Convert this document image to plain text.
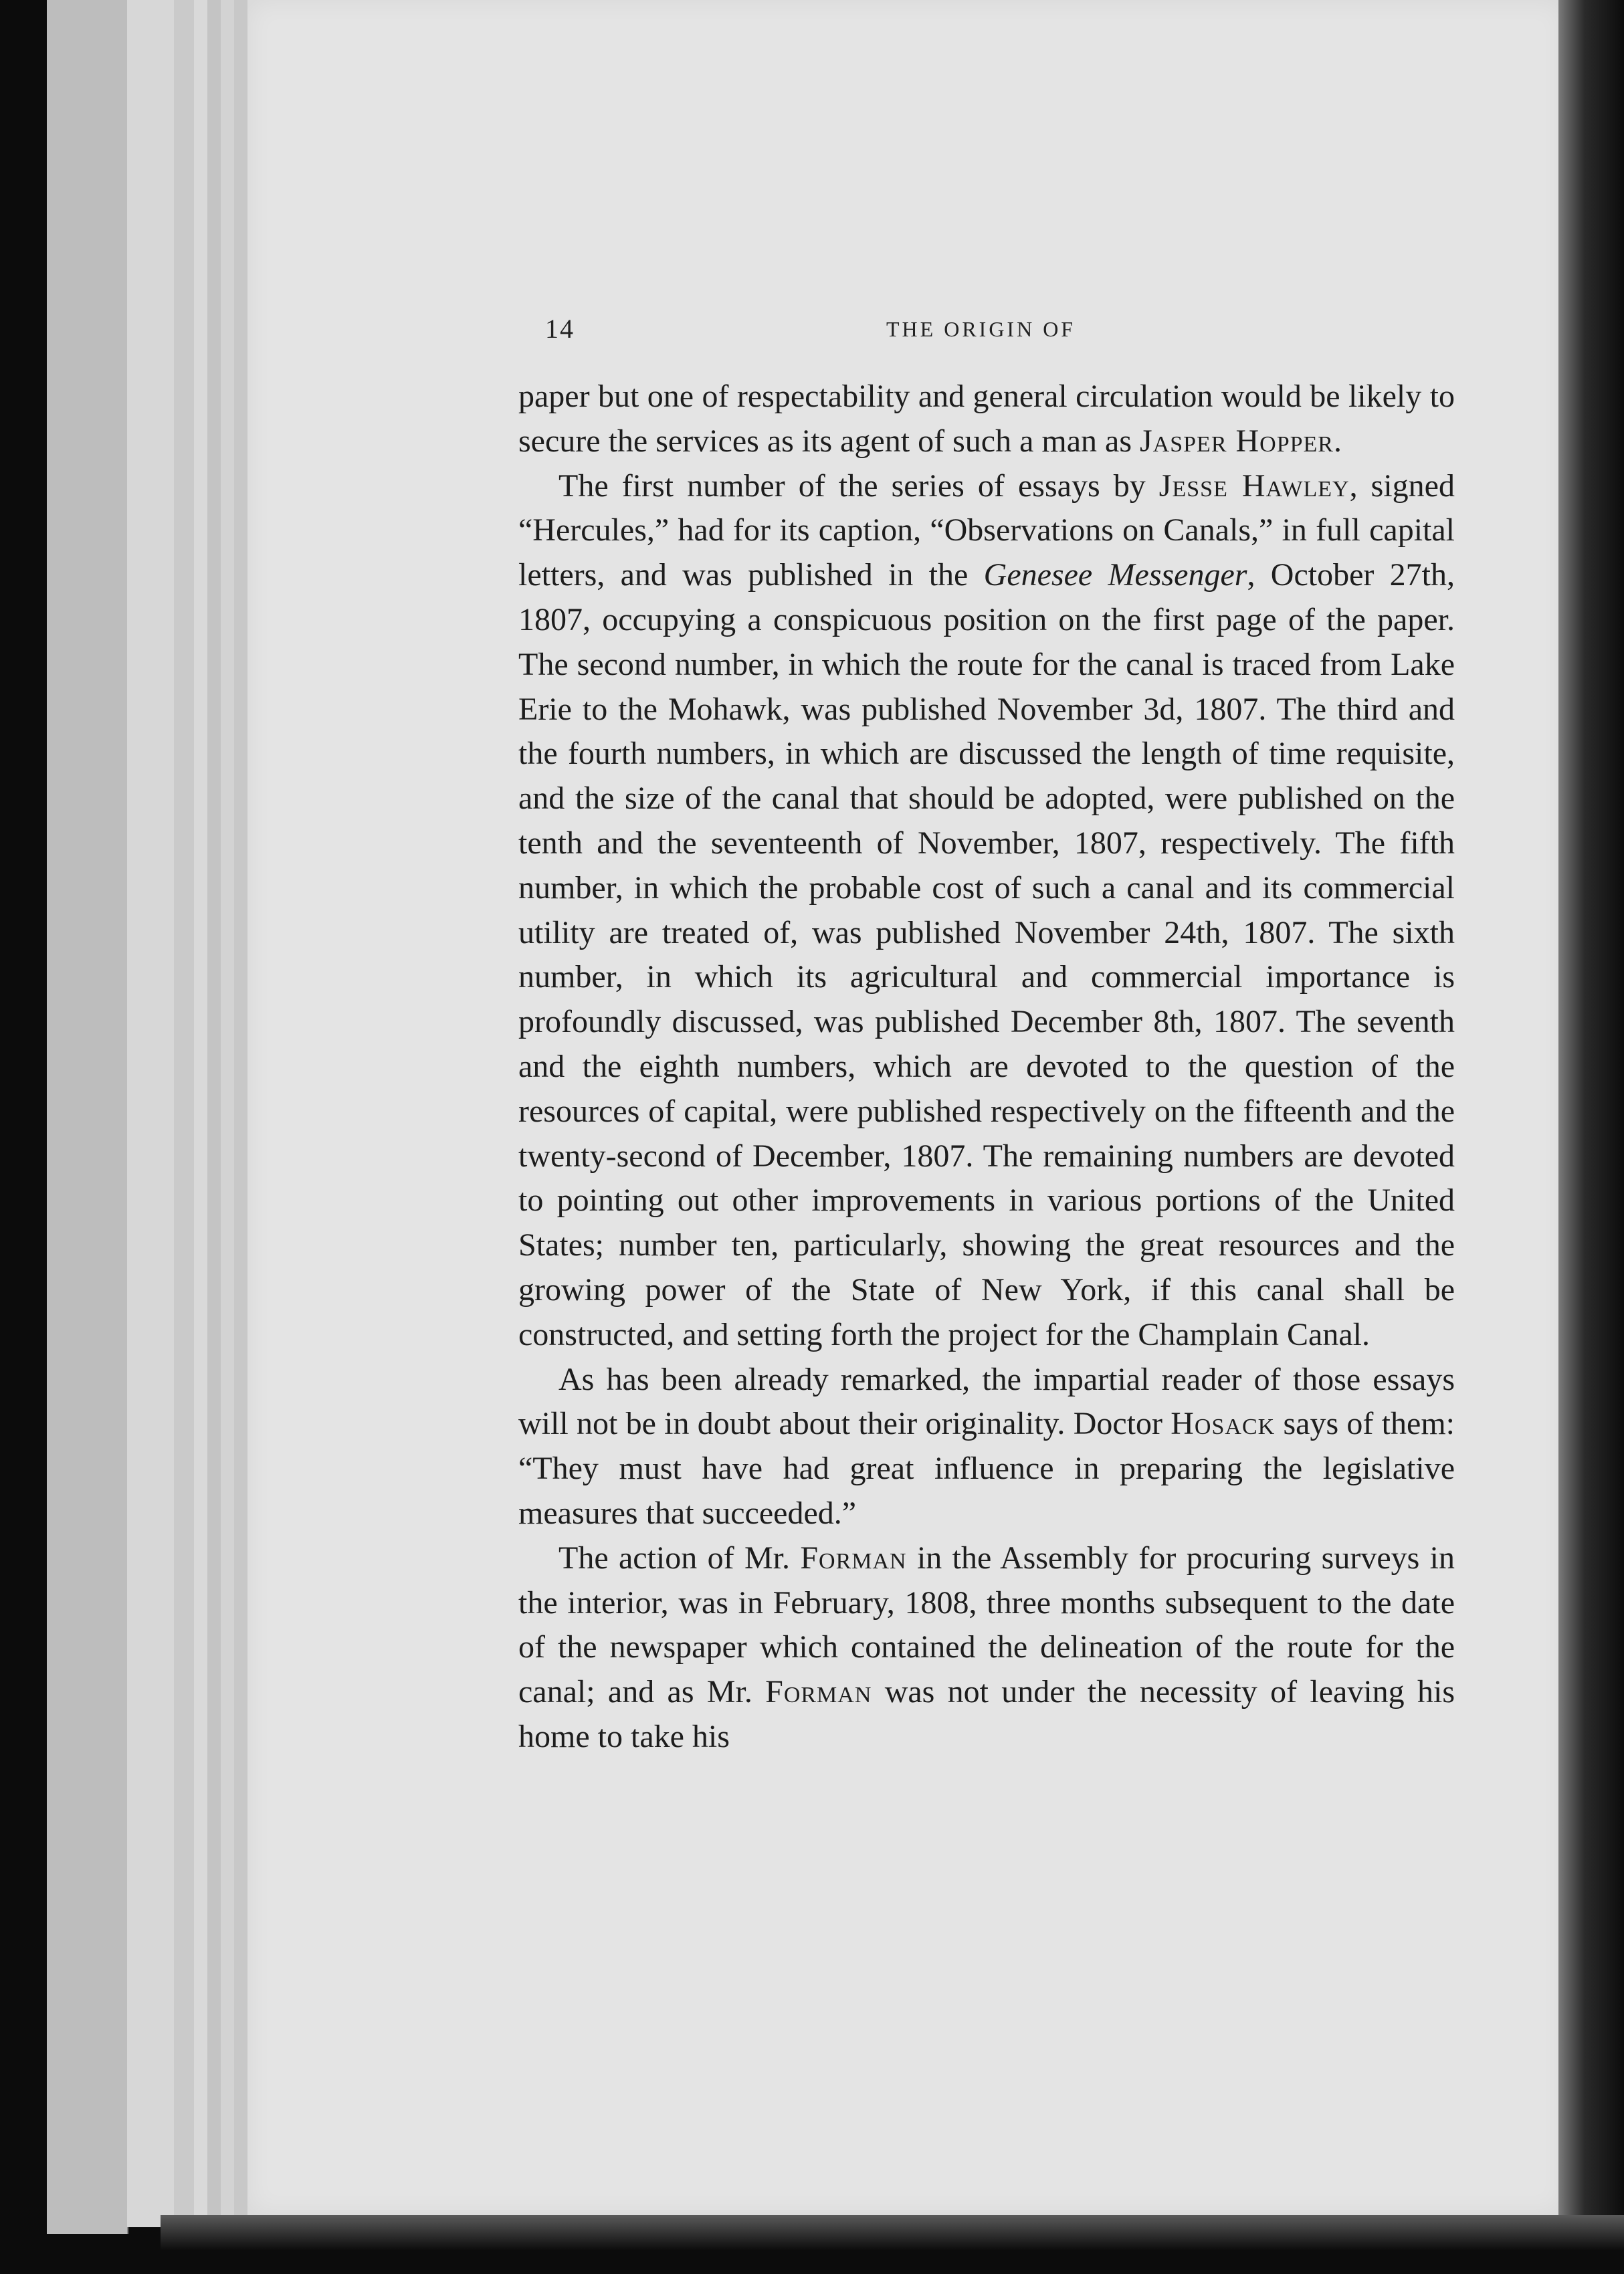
14	THE ORIGIN OF

paper but one of respectability and general circulation would be likely to secure the services as its agent of such a man as Jasper Hopper.

The first number of the series of essays by Jesse Hawley, signed “Hercules,” had for its caption, “Observations on Canals,” in full capital letters, and was published in the Genesee Messenger, October 27th, 1807, occupying a conspicuous position on the first page of the paper. The second number, in which the route for the canal is traced from Lake Erie to the Mohawk, was published November 3d, 1807. The third and the fourth numbers, in which are discussed the length of time requisite, and the size of the canal that should be adopted, were published on the tenth and the seventeenth of November, 1807, respectively. The fifth number, in which the probable cost of such a canal and its commercial utility are treated of, was published November 24th, 1807. The sixth number, in which its agricultural and commercial importance is profoundly discussed, was published December 8th, 1807. The seventh and the eighth numbers, which are devoted to the question of the resources of capital, were published respectively on the fifteenth and the twenty-second of December, 1807. The remaining numbers are devoted to pointing out other improvements in various portions of the United States; number ten, particularly, showing the great resources and the growing power of the State of New York, if this canal shall be constructed, and setting forth the project for the Champlain Canal.

As has been already remarked, the impartial reader of those essays will not be in doubt about their originality. Doctor Hosack says of them: “They must have had great influence in preparing the legislative measures that succeeded.”

The action of Mr. Forman in the Assembly for procuring surveys in the interior, was in February, 1808, three months subsequent to the date of the newspaper which contained the delineation of the route for the canal; and as Mr. Forman was not under the necessity of leaving his home to take his
